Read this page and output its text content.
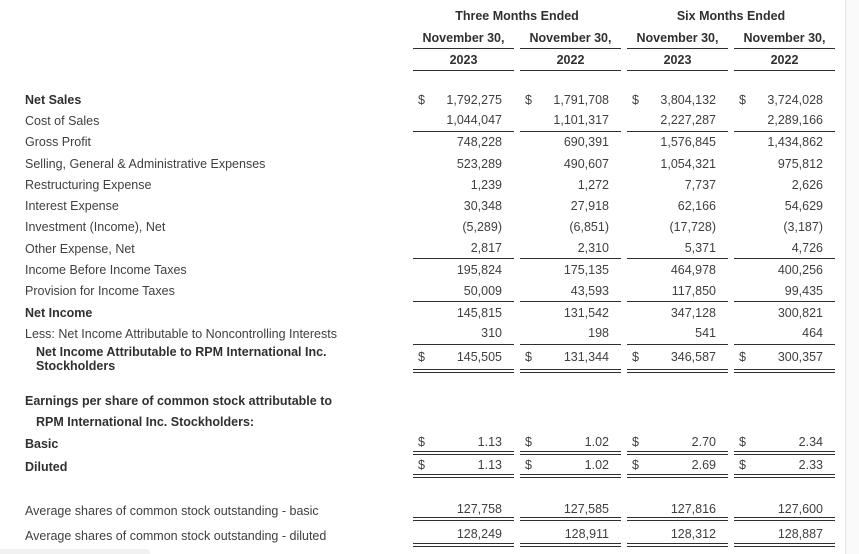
Three Months Ended	Six Months Ended
November 30,	November 30,	November 30,	November 30,
2023	2022	2023	2022
Net Sales	$ 1,792,275 $ 1,791,708 $ 3,804,132 $ 3,724,028
Cost of Sales	1,044,047	1,101,317	2,227,287	2,289,166
Gross Profit	748,228	690,391	1,576,845	1,434,862
Selling, General & Administrative Expenses	523,289	490,607	1,054,321	975,812
Restructuring Expense	1,239	1,272	7,737	2,626
Interest Expense	30,348	27,918	62,166	54,629
Investment (Income), Net	(5,289)	(6,851)	(17,728)	(3,187)
Other Expense, Net	2,817	2,310	5,371	4,726
Income Before Income Taxes	195,824	175,135	464,978	400,256
Provision for Income Taxes	50,009	43,593	117,850	99,435
Net Income	145,815	131,542	347,128	300,821
Less: Net Income Attributable to Noncontrolling Interests	310	198	541	464
Net Income Attributable to RPM International Inc. Stockholders
$	145,505 $	131,344 $	346,587 $	300,357
Earnings per share of common stock attributable to
RPM International Inc. Stockholders:
Basic	$	1.13 $	1.02 $	2.70 $	2.34
Diluted	$	1.13 $	1.02 $	2.69 $	2.33
Average shares of common stock outstanding - basic	127,758	127,585	127,816	127,600
Average shares of common stock outstanding - diluted	128,249	128,911	128,312	128,887
